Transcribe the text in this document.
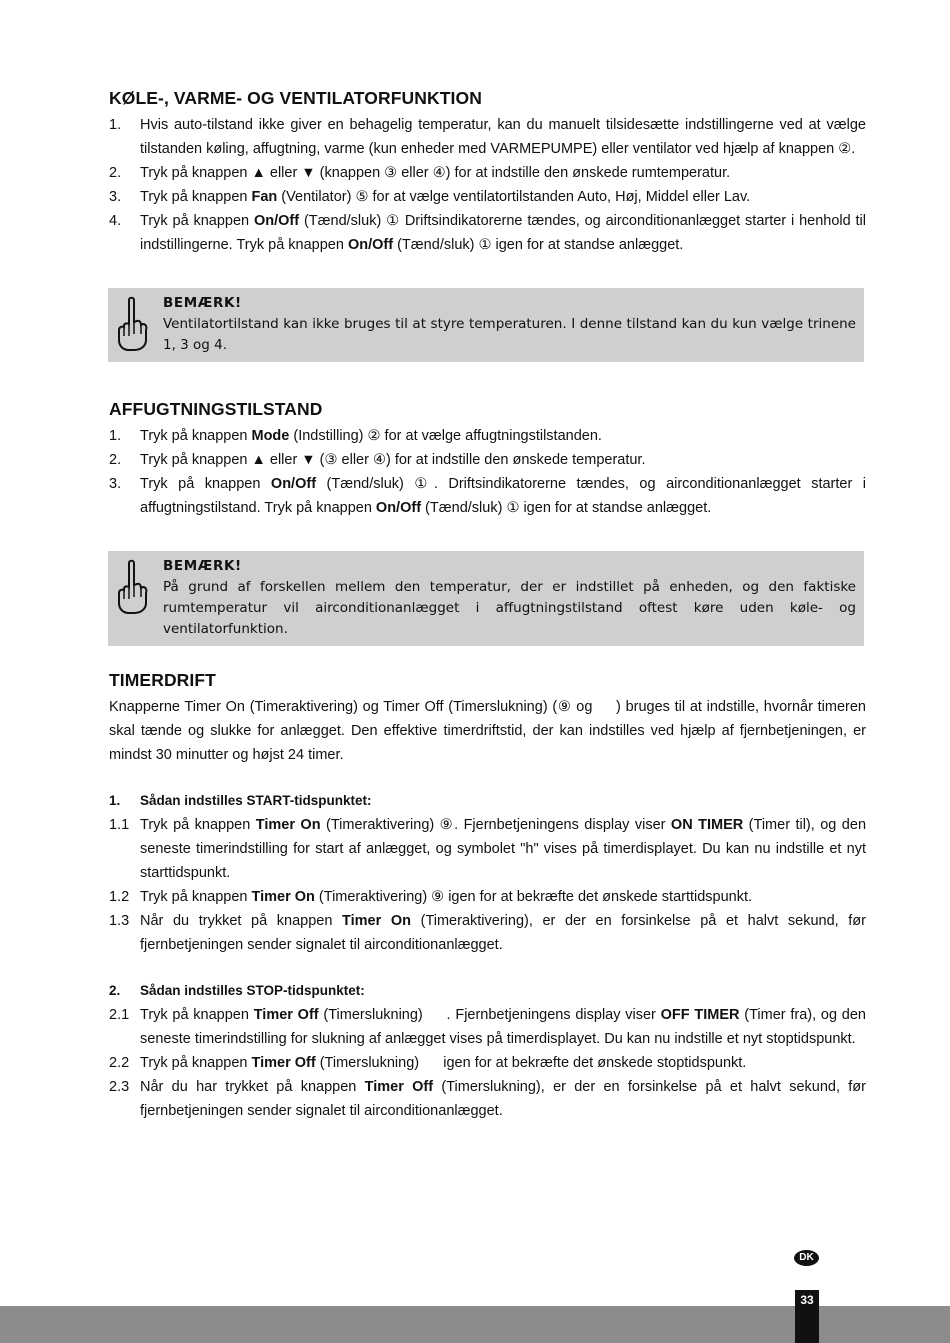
KØLE-, VARME- OG VENTILATORFUNKTION
1. Hvis auto-tilstand ikke giver en behagelig temperatur, kan du manuelt tilsidesætte indstillingerne ved at vælge tilstanden køling, affugtning, varme (kun enheder med VARMEPUMPE) eller ventilator ved hjælp af knappen ②.
2. Tryk på knappen ▲ eller ▼ (knappen ③ eller ④) for at indstille den ønskede rumtemperatur.
3. Tryk på knappen Fan (Ventilator) ⑤ for at vælge ventilatortilstanden Auto, Høj, Middel eller Lav.
4. Tryk på knappen On/Off (Tænd/sluk) ① Driftsindikatorerne tændes, og airconditionanlægget starter i henhold til indstillingerne. Tryk på knappen On/Off (Tænd/sluk) ① igen for at standse anlægget.
BEMÆRK!
Ventilatortilstand kan ikke bruges til at styre temperaturen. I denne tilstand kan du kun vælge trinene 1, 3 og 4.
AFFUGTNINGSTILSTAND
1. Tryk på knappen Mode (Indstilling) ② for at vælge affugtningstilstanden.
2. Tryk på knappen ▲ eller ▼ (③ eller ④) for at indstille den ønskede temperatur.
3. Tryk på knappen On/Off (Tænd/sluk) ①. Driftsindikatorerne tændes, og airconditionanlægget starter i affugtningstilstand. Tryk på knappen On/Off (Tænd/sluk) ① igen for at standse anlægget.
BEMÆRK!
På grund af forskellen mellem den temperatur, der er indstillet på enheden, og den faktiske rumtemperatur vil airconditionanlægget i affugtningstilstand oftest køre uden køle- og ventilatorfunktion.
TIMERDRIFT
Knapperne Timer On (Timeraktivering) og Timer Off (Timerslukning) (⑨ og     ) bruges til at indstille, hvornår timeren skal tænde og slukke for anlægget. Den effektive timerdriftstid, der kan indstilles ved hjælp af fjernbetjeningen, er mindst 30 minutter og højst 24 timer.
1. Sådan indstilles START-tidspunktet:
1.1 Tryk på knappen Timer On (Timeraktivering) ⑨. Fjernbetjeningens display viser ON TIMER (Timer til), og den seneste timerindstilling for start af anlægget, og symbolet "h" vises på timerdisplayet. Du kan nu indstille et nyt starttidspunkt.
1.2 Tryk på knappen Timer On (Timeraktivering) ⑨ igen for at bekræfte det ønskede starttidspunkt.
1.3 Når du trykket på knappen Timer On (Timeraktivering), er der en forsinkelse på et halvt sekund, før fjernbetjeningen sender signalet til airconditionanlægget.
2. Sådan indstilles STOP-tidspunktet:
2.1 Tryk på knappen Timer Off (Timerslukning)     . Fjernbetjeningens display viser OFF TIMER (Timer fra), og den seneste timerindstilling for slukning af anlægget vises på timerdisplayet. Du kan nu indstille et nyt stoptidspunkt.
2.2 Tryk på knappen Timer Off (Timerslukning)      igen for at bekræfte det ønskede stoptidspunkt.
2.3 Når du har trykket på knappen Timer Off (Timerslukning), er der en forsinkelse på et halvt sekund, før fjernbetjeningen sender signalet til airconditionanlægget.
DK
33
